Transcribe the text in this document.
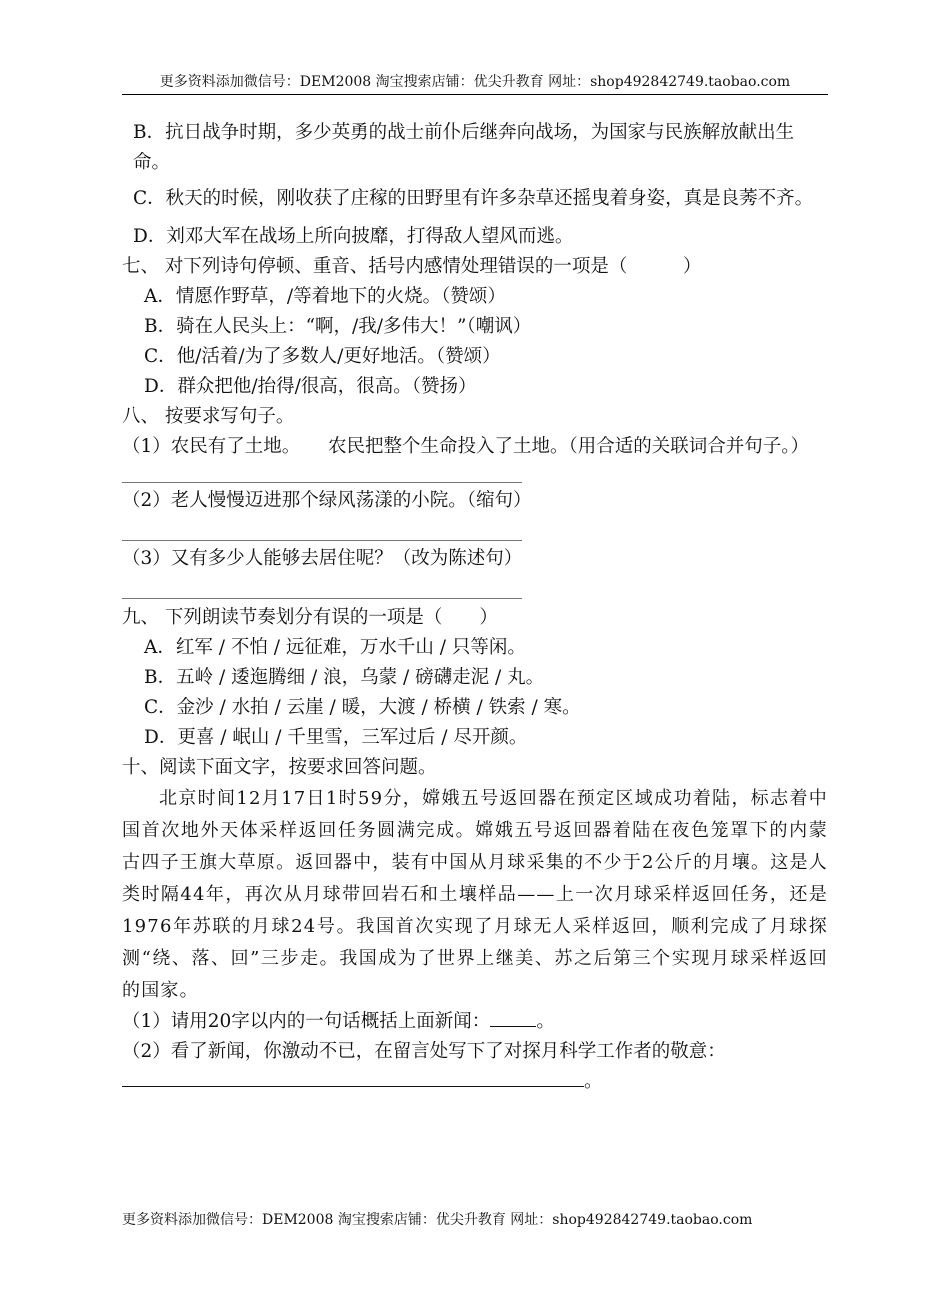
更多资料添加微信号：DEM2008 淘宝搜索店铺：优尖升教育 网址：shop492842749.taobao.com

B．抗日战争时期，多少英勇的战士前仆后继奔向战场，为国家与民族解放献出生命。

C．秋天的时候，刚收获了庄稼的田野里有许多杂草还摇曳着身姿，真是良莠不齐。

D．刘邓大军在战场上所向披靡，打得敌人望风而逃。

七、 对下列诗句停顿、重音、括号内感情处理错误的一项是（　　　）

A．情愿作野草，/等着地下的火烧。（赞颂）

B．骑在人民头上：“啊，/我/多伟大！”（嘲讽）

C．他/活着/为了多数人/更好地活。（赞颂）

D．群众把他/抬得/很高，很高。（赞扬）

八、 按要求写句子。

（1）农民有了土地。　　农民把整个生命投入了土地。（用合适的关联词合并句子。）

（2）老人慢慢迈进那个绿风荡漾的小院。（缩句）

（3）又有多少人能够去居住呢？（改为陈述句）

九、 下列朗读节奏划分有误的一项是（　　）

A．红军 / 不怕 / 远征难，万水千山 / 只等闲。

B．五岭 / 逶迤腾细 / 浪，乌蒙 / 磅礴走泥 / 丸。

C．金沙 / 水拍 / 云崖 / 暖，大渡 / 桥横 / 铁索 / 寒。

D．更喜 / 岷山 / 千里雪，三军过后 / 尽开颜。

十、阅读下面文字，按要求回答问题。

北京时间12月17日1时59分，嫦娥五号返回器在预定区域成功着陆，标志着中国首次地外天体采样返回任务圆满完成。嫦娥五号返回器着陆在夜色笼罩下的内蒙古四子王旗大草原。返回器中，装有中国从月球采集的不少于2公斤的月壤。这是人类时隔44年，再次从月球带回岩石和土壤样品——上一次月球采样返回任务，还是1976年苏联的月球24号。我国首次实现了月球无人采样返回，顺利完成了月球探测“绕、落、回”三步走。我国成为了世界上继美、苏之后第三个实现月球采样返回的国家。

（1）请用20字以内的一句话概括上面新闻： 。

（2）看了新闻，你激动不已，在留言处写下了对探月科学工作者的敬意：

。

更多资料添加微信号：DEM2008 淘宝搜索店铺：优尖升教育 网址：shop492842749.taobao.com
